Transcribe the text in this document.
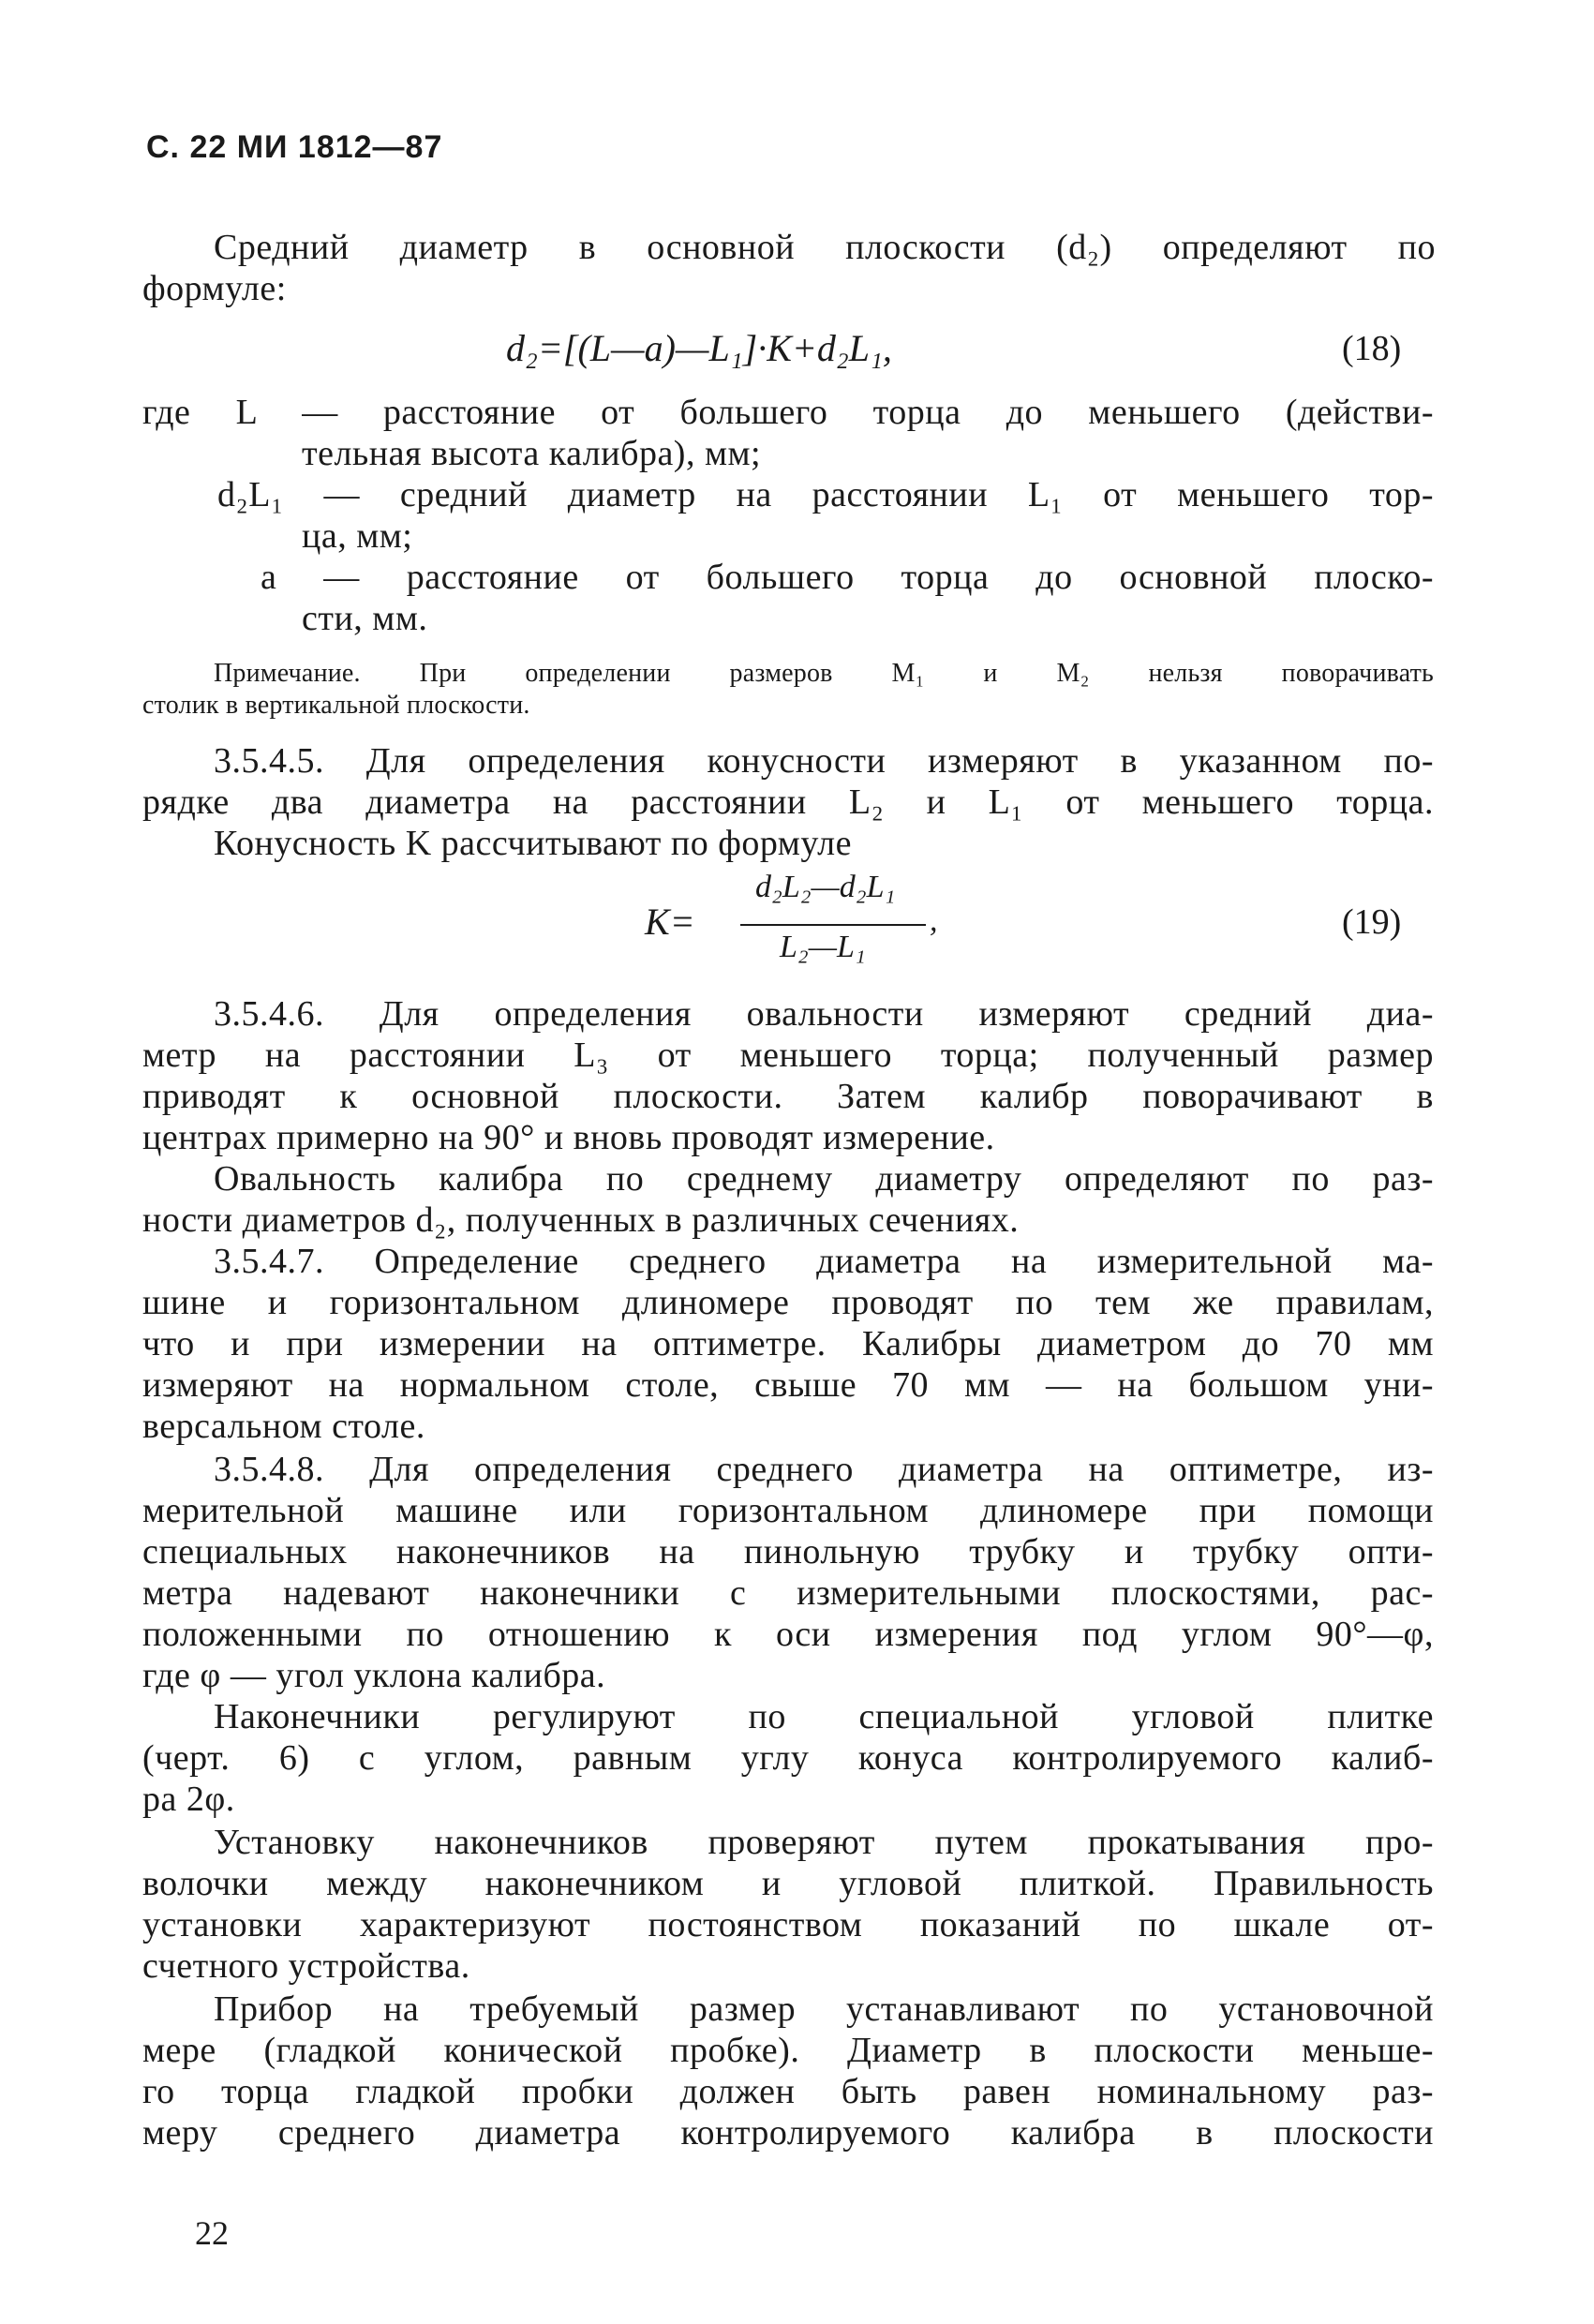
С. 22 МИ 1812—87
Средний диаметр в основной плоскости (d₂) определяют по
формуле:
где L — расстояние от большего торца до меньшего (действи-
тельная высота калибра), мм;
d₂L₁ — средний диаметр на расстоянии L₁ от меньшего тор-
ца, мм;
a — расстояние от большего торца до основной плоско-
сти, мм.
Примечание. При определении размеров M₁ и M₂ нельзя поворачивать
столик в вертикальной плоскости.
3.5.4.5. Для определения конусности измеряют в указанном по-
рядке два диаметра на расстоянии L₂ и L₁ от меньшего торца.
Конусность K рассчитывают по формуле
3.5.4.6. Для определения овальности измеряют средний диа-
метр на расстоянии L₃ от меньшего торца; полученный размер
приводят к основной плоскости. Затем калибр поворачивают в
центрах примерно на 90° и вновь проводят измерение.
Овальность калибра по среднему диаметру определяют по раз-
ности диаметров d₂, полученных в различных сечениях.
3.5.4.7. Определение среднего диаметра на измерительной ма-
шине и горизонтальном длиномере проводят по тем же правилам,
что и при измерении на оптиметре. Калибры диаметром до 70 мм
измеряют на нормальном столе, свыше 70 мм — на большом уни-
версальном столе.
3.5.4.8. Для определения среднего диаметра на оптиметре, из-
мерительной машине или горизонтальном длиномере при помощи
специальных наконечников на пинольную трубку и трубку опти-
метра надевают наконечники с измерительными плоскостями, рас-
положенными по отношению к оси измерения под углом 90°—φ,
где φ — угол уклона калибра.
Наконечники регулируют по специальной угловой плитке
(черт. 6) с углом, равным углу конуса контролируемого калиб-
ра 2φ.
Установку наконечников проверяют путем прокатывания про-
волочки между наконечником и угловой плиткой. Правильность
установки характеризуют постоянством показаний по шкале от-
счетного устройства.
Прибор на требуемый размер устанавливают по установочной
мере (гладкой конической пробке). Диаметр в плоскости меньше-
го торца гладкой пробки должен быть равен номинальному раз-
меру среднего диаметра контролируемого калибра в плоскости
d₂=[(L—a)—L₁]·K+d₂L₁,	(18)
K=
d₂L₂—d₂L₁
L₂—L₁
,	(19)
22
